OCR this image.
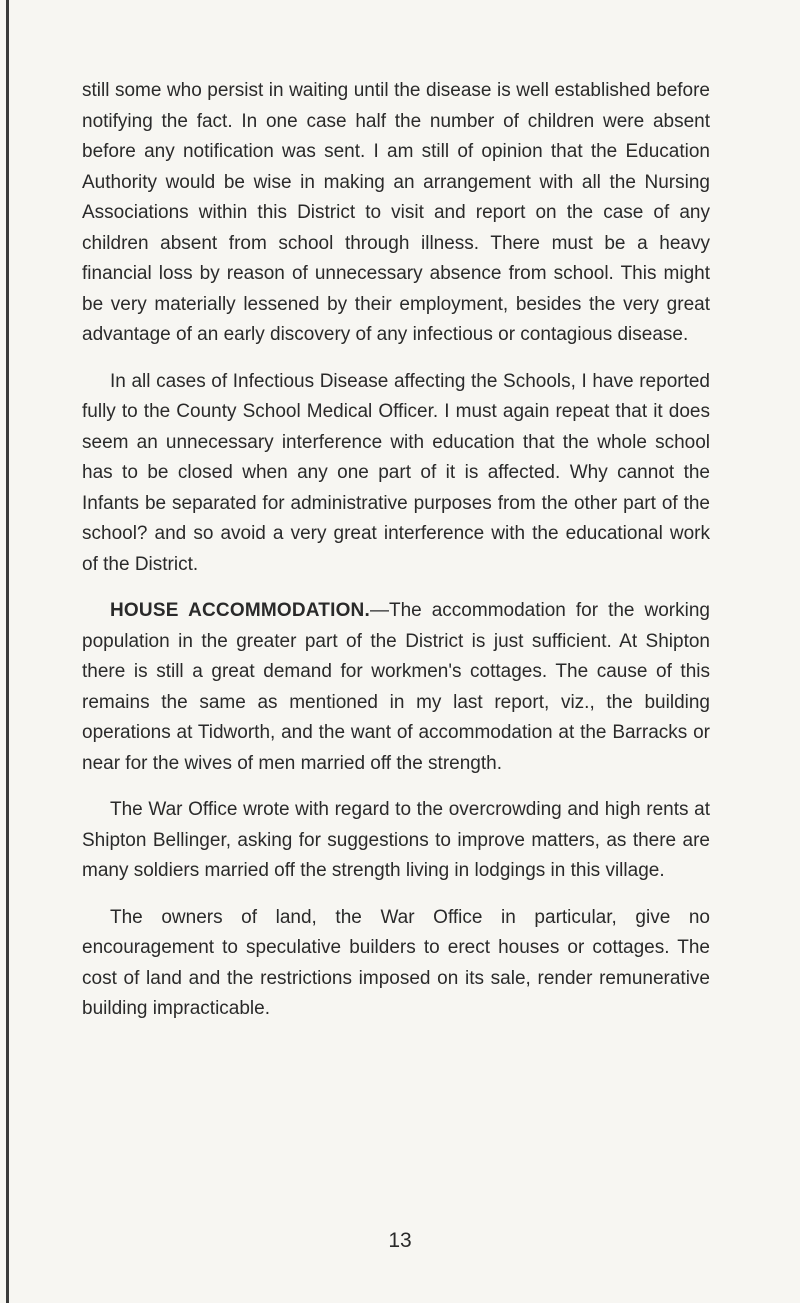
still some who persist in waiting until the disease is well established before notifying the fact. In one case half the number of children were absent before any notification was sent. I am still of opinion that the Education Authority would be wise in making an arrangement with all the Nursing Associations within this District to visit and report on the case of any children absent from school through illness. There must be a heavy financial loss by reason of unnecessary absence from school. This might be very materially lessened by their employment, besides the very great advantage of an early discovery of any infectious or contagious disease.

In all cases of Infectious Disease affecting the Schools, I have reported fully to the County School Medical Officer. I must again repeat that it does seem an unnecessary interference with education that the whole school has to be closed when any one part of it is affected. Why cannot the Infants be separated for administrative purposes from the other part of the school? and so avoid a very great interference with the educational work of the District.

HOUSE ACCOMMODATION.—The accommodation for the working population in the greater part of the District is just sufficient. At Shipton there is still a great demand for workmen's cottages. The cause of this remains the same as mentioned in my last report, viz., the building operations at Tidworth, and the want of accommodation at the Barracks or near for the wives of men married off the strength.

The War Office wrote with regard to the overcrowding and high rents at Shipton Bellinger, asking for suggestions to improve matters, as there are many soldiers married off the strength living in lodgings in this village.

The owners of land, the War Office in particular, give no encouragement to speculative builders to erect houses or cottages. The cost of land and the restrictions imposed on its sale, render remunerative building impracticable.

13
